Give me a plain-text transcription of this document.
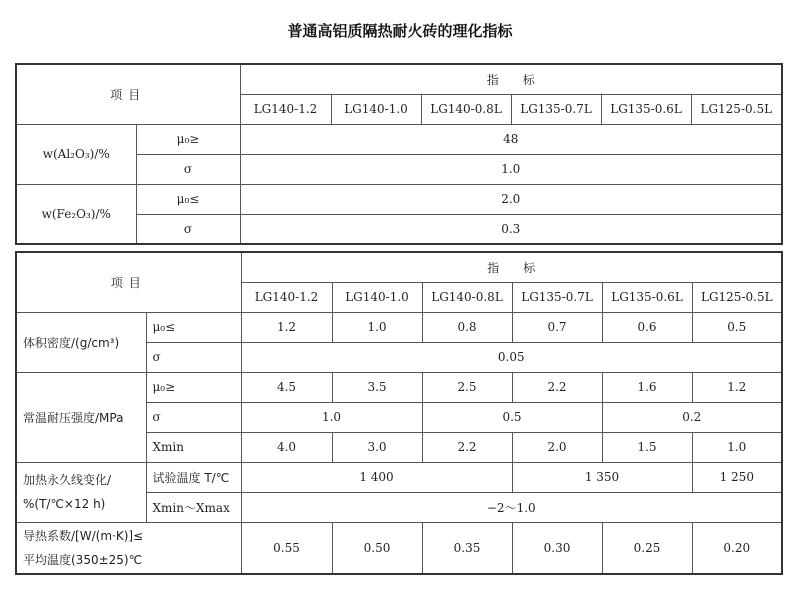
普通高铝质隔热耐火砖的理化指标
项目		指　　标					
		LG140-1.2	LG140-1.0	LG140-0.8L	LG135-0.7L	LG135-0.6L	LG125-0.5L
w(Al₂O₃)/%	μ₀≥	48					
	σ	1.0					
w(Fe₂O₃)/%	μ₀≤	2.0					
	σ	0.3					
项目		指　　标					
		LG140-1.2	LG140-1.0	LG140-0.8L	LG135-0.7L	LG135-0.6L	LG125-0.5L
体积密度/(g/cm³)	μ₀≤	1.2	1.0	0.8	0.7	0.6	0.5
	σ	0.05					
常温耐压强度/MPa	μ₀≥	4.5	3.5	2.5	2.2	1.6	1.2
	σ	1.0		0.5		0.2	
	Xmin	4.0	3.0	2.2	2.0	1.5	1.0

加热永久线变化/
%(T/℃×12 h)	试验温度 T/℃	1 400			1 350		1 250
	Xmin～Xmax	−2～1.0					

导热系数/[W/(m·K)]≤
平均温度(350±25)℃		0.55	0.50	0.35	0.30	0.25	0.20
